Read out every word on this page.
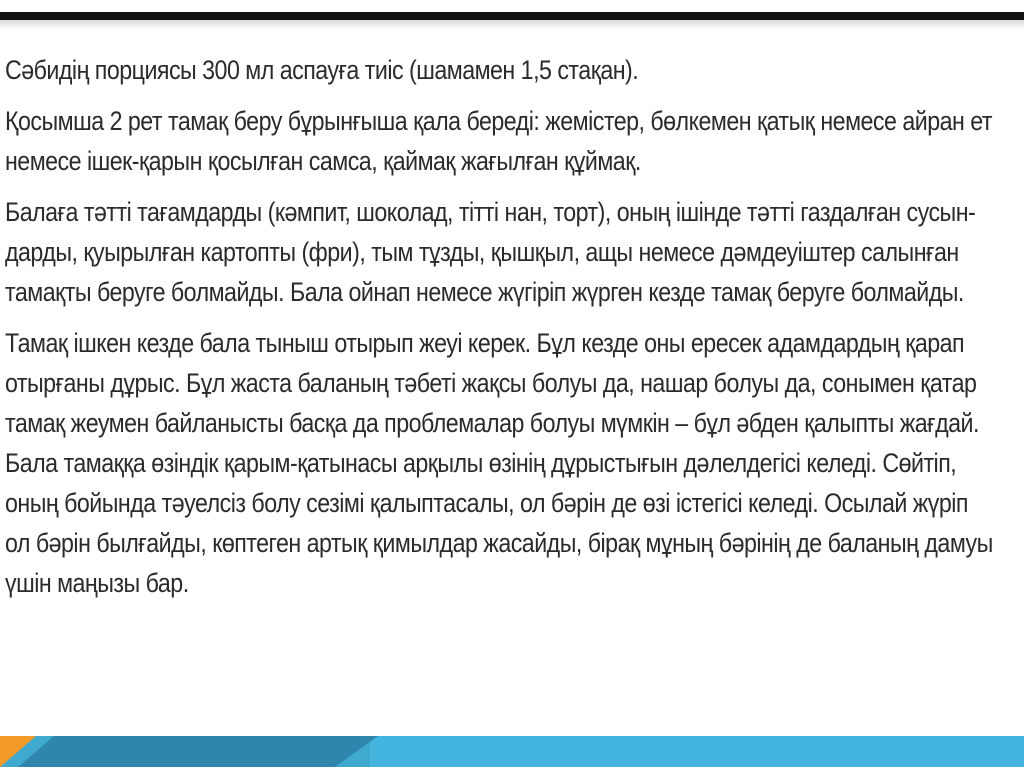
Сәбидің порциясы 300 мл аспауға тиіс (шамамен 1,5 стақан).
Қосымша 2 рет тамақ беру бұрынғыша қала береді: жемістер, бөлкемен қатық немесе айран ет
немесе ішек-қарын қосылған самса, қаймақ жағылған құймақ.
Балаға тәтті тағамдарды (кәмпит, шоколад, тітті нан, торт), оның ішінде тәтті газдалған сусын-
дарды, қуырылған картопты (фри), тым тұзды, қышқыл, ащы немесе дәмдеуіштер салынған
тамақты беруге болмайды. Бала ойнап немесе жүгіріп жүрген кезде тамақ беруге болмайды.
Тамақ ішкен кезде бала тыныш отырып жеуі керек. Бұл кезде оны ересек адамдардың қарап
отырғаны дұрыс. Бұл жаста баланың тәбеті жақсы болуы да, нашар болуы да, сонымен қатар
тамақ жеумен байланысты басқа да проблемалар болуы мүмкін – бұл әбден қалыпты жағдай.
Бала тамаққа өзіндік қарым-қатынасы арқылы өзінің дұрыстығын дәлелдегісі келеді. Сөйтіп,
оның бойында тәуелсіз болу сезімі қалыптасалы, ол бәрін де өзі істегісі келеді. Осылай жүріп
ол бәрін былғайды, көптеген артық қимылдар жасайды, бірақ мұның бәрінің де баланың дамуы
үшін маңызы бар.
